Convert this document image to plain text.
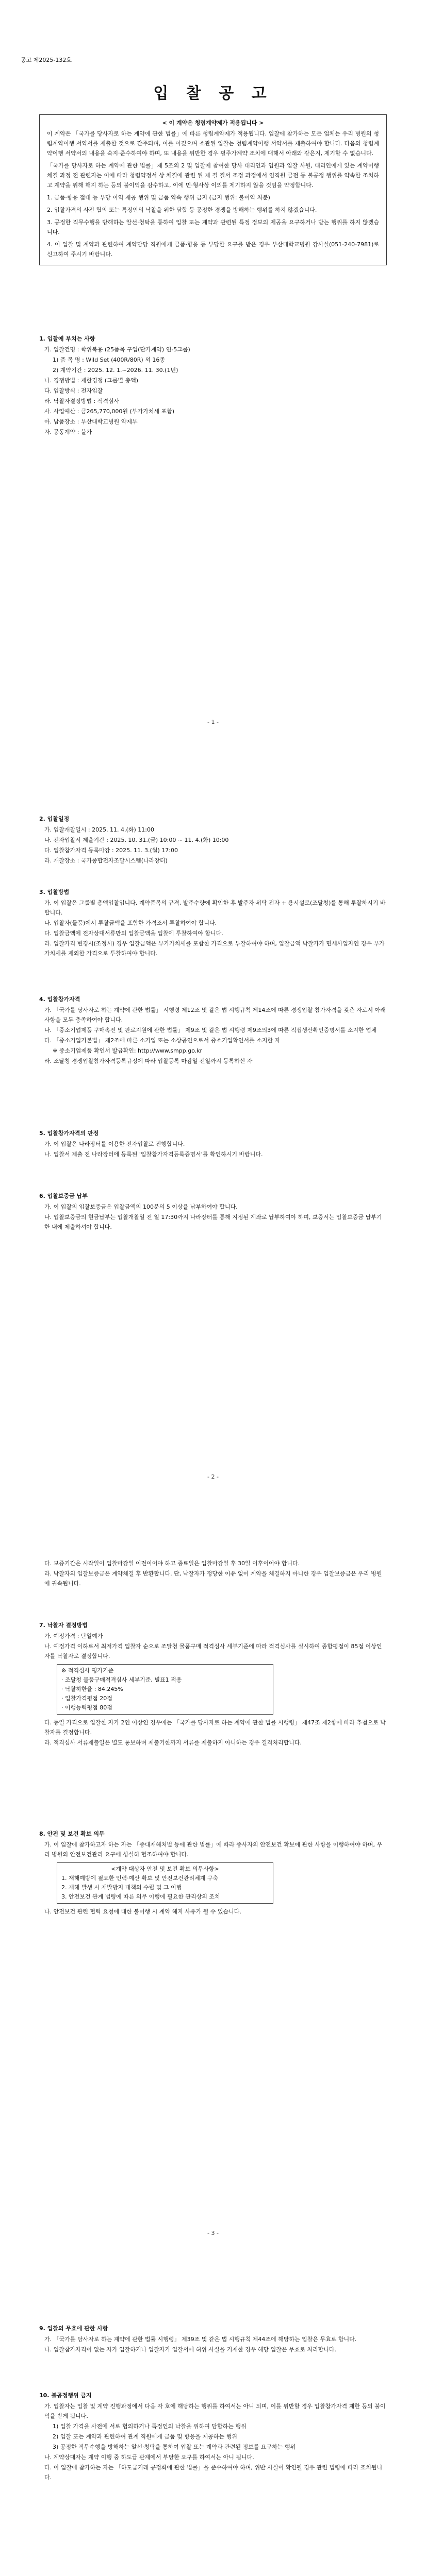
공고 제2025-132호
입 찰 공 고
< 이 계약은 청렴계약제가 적용됩니다 >

이 계약은 「국가를 당사자로 하는 계약에 관한 법률」에 따른 청렴계약제가 적용됩니다. 입찰에 참가하는 모든 업체는 우리 병원의 청렴계약이행 서약서를 제출한 것으로 간주되며, 이를 어겼으며 소관된 입찰는 청렴계약이행 서약서를 제출하여야 합니다. 다음의 청렴계약이행 서약서의 내용을 숙지·준수하여야 하며, 또 내용을 위반한 경우 필주가계약 조치에 대해서 아래와 같은지, 제기할 수 없습니다.

「국가를 당사자로 하는 계약에 관한 법률」제 5조의 2 및 입찰에 참여한 당사 대리인과 임원과 입찰 사원, 대리인에게 있는 계약이행 체결 과정 전 관련자는 이에 따라 청렴약정서 상 체결에 관련 된 제 결 질서 조정 과정에서 임직원 금전 등 불공정 행위를 약속한 조치하고 계약을 위해 해지 하는 등의 불이익을 감수하고, 이에 민·형사상 이의를 제기하지 않을 것임을 약정합니다.

1. 금품·향응 접대 등 부당 이익 제공 행위 및 금품 약속 행위 금지 (금지 행위: 불이익 처분)

2. 입찰가격의 사전 협의 또는 특정인의 낙찰을 위한 담합 등 공정한 경쟁을 방해하는 행위를 하지 않겠습니다.

3. 공정한 직무수행을 방해하는 알선·청탁을 통하여 입찰 또는 계약과 관련된 특정 정보의 제공을 요구하거나 받는 행위를 하지 않겠습니다.

4. 이 입찰 및 계약과 관련하여 계약담당 직원에게 금품·향응 등 부당한 요구를 받은 경우 부산대학교병원 감사실(051-240-7981)로 신고하여 주시기 바랍니다.

1. 입찰에 부치는 사항
가. 입찰건명 : 학위복용 (25품목 구입(단가계약) 연-5그룹)
1) 품 목 명 : Wild Set (400R/80R) 외 16종
2) 계약기간 : 2025. 12. 1.~2026. 11. 30.(1년)
나. 경쟁방법 : 제한경쟁 (그룹별 총액)
다. 입찰방식 : 전자입찰
라. 낙찰자결정방법 : 적격심사
사. 사업예산 : 금265,770,000원 (부가가치세 포함)
아. 납품장소 : 부산대학교병원 약제부
자. 공동계약 : 불가
- 1 -
2. 입찰일정
가. 입찰개찰일시 : 2025. 11. 4.(화) 11:00
나. 전자입찰서 제출기간 : 2025. 10. 31.(금) 10:00 ~ 11. 4.(화) 10:00
다. 입찰참가자격 등록마감 : 2025. 11. 3.(월) 17:00
라. 개찰장소 : 국가종합전자조달시스템(나라장터)
3. 입찰방법
가. 이 입찰은 그룹별 총액입찰입니다. 계약품목의 규격, 발주수량에 확인한 후 발주자·위탁 전자 + 용시설로(조달청)를 통해 투찰하시기 바랍니다.
나. 입찰자(물품)에서 투찰금액을 포함한 가격조서 투찰하여야 합니다.
다. 입찰금액에 전자상대서류만의 입찰금액을 입찰에 투찰하여야 합니다.
라. 입찰가격 변경시(조정시) 경우 입찰금액은 부가가치세를 포함한 가격으로 투찰하여야 하며, 입찰금액 낙찰가가 면세사업자인 경우 부가가치세를 제외한 가격으로 투찰하여야 합니다.
4. 입찰참가자격
가. 「국가를 당사자로 하는 계약에 관한 법률」 시행령 제12조 및 같은 법 시행규칙 제14조에 따른 경쟁입찰 참가자격을 갖춘 자로서 아래 사항을 모두 충족하여야 합니다.
나. 「중소기업제품 구매촉진 및 판로지원에 관한 법률」 제9조 및 같은 법 시행령 제9조의3에 따른 직접생산확인증명서를 소지한 업체
다. 「중소기업기본법」 제2조에 따른 소기업 또는 소상공인으로서 중소기업확인서를 소지한 자
※ 중소기업제품 확인서 발급확인: http://www.smpp.go.kr
라. 조달청 경쟁입찰참가자격등록규정에 따라 입찰등록 마감일 전일까지 등록하신 자
5. 입찰참가자격의 판정
가. 이 입찰은 나라장터를 이용한 전자입찰로 진행합니다.
나. 입찰서 제출 전 나라장터에 등록된 '입찰참가자격등록증명서'를 확인하시기 바랍니다.
6. 입찰보증금 납부
가. 이 입찰의 입찰보증금은 입찰금액의 100분의 5 이상을 납부하여야 합니다.
나. 입찰보증금의 현금납부는 입찰개찰일 전 일 17:30까지 나라장터를 통해 지정된 계좌로 납부하여야 하며, 보증서는 입찰보증금 납부기한 내에 제출하셔야 합니다.
- 2 -
다. 보증기간은 시작일이 입찰마감일 이전이어야 하고 종료일은 입찰마감일 후 30일 이후이어야 합니다.
라. 낙찰자의 입찰보증금은 계약체결 후 반환합니다. 단, 낙찰자가 정당한 이유 없이 계약을 체결하지 아니한 경우 입찰보증금은 우리 병원에 귀속됩니다.
7. 낙찰자 결정방법
가. 예정가격 : 단일예가
나. 예정가격 이하로서 최저가격 입찰자 순으로 조달청 물품구매 적격심사 세부기준에 따라 적격심사를 실시하여 종합평점이 85점 이상인 자를 낙찰자로 결정합니다.
※ 적격심사 평가기준
· 조달청 물품구매적격심사 세부기준, 별표1 적용
· 낙찰하한율 : 84.245%
· 입찰가격평점 20점
· 이행능력평점 80점
다. 동일 가격으로 입찰한 자가 2인 이상인 경우에는 「국가를 당사자로 하는 계약에 관한 법률 시행령」 제47조 제2항에 따라 추첨으로 낙찰자를 결정합니다.
라. 적격심사 서류제출일은 별도 통보하며 제출기한까지 서류를 제출하지 아니하는 경우 결격처리합니다.
8. 안전 및 보건 확보 의무
가. 이 입찰에 참가하고자 하는 자는 「중대재해처벌 등에 관한 법률」에 따라 종사자의 안전보건 확보에 관한 사항을 이행하여야 하며, 우리 병원의 안전보건관리 요구에 성실히 협조하여야 합니다.
<계약 대상자 안전 및 보건 확보 의무사항>
1. 재해예방에 필요한 인력·예산 확보 및 안전보건관리체계 구축
2. 재해 발생 시 재발방지 대책의 수립 및 그 이행
3. 안전보건 관계 법령에 따른 의무 이행에 필요한 관리상의 조치
나. 안전보건 관련 협력 요청에 대한 불이행 시 계약 해지 사유가 될 수 있습니다.
- 3 -
9. 입찰의 무효에 관한 사항
가. 「국가를 당사자로 하는 계약에 관한 법률 시행령」 제39조 및 같은 법 시행규칙 제44조에 해당하는 입찰은 무효로 합니다.
나. 입찰참가자격이 없는 자가 입찰하거나 입찰자가 입찰서에 허위 사실을 기재한 경우 해당 입찰은 무효로 처리합니다.
10. 불공정행위 금지
가. 입찰자는 입찰 및 계약 진행과정에서 다음 각 호에 해당하는 행위를 하여서는 아니 되며, 이를 위반할 경우 입찰참가자격 제한 등의 불이익을 받게 됩니다.
1) 입찰 가격을 사전에 서로 협의하거나 특정인의 낙찰을 위하여 담합하는 행위
2) 입찰 또는 계약과 관련하여 관계 직원에게 금품 및 향응을 제공하는 행위
3) 공정한 직무수행을 방해하는 알선·청탁을 통하여 입찰 또는 계약과 관련된 정보를 요구하는 행위
나. 계약상대자는 계약 이행 중 하도급 관계에서 부당한 요구를 하여서는 아니 됩니다.
다. 이 입찰에 참가하는 자는 「하도급거래 공정화에 관한 법률」을 준수하여야 하며, 위반 사실이 확인될 경우 관련 법령에 따라 조치됩니다.
